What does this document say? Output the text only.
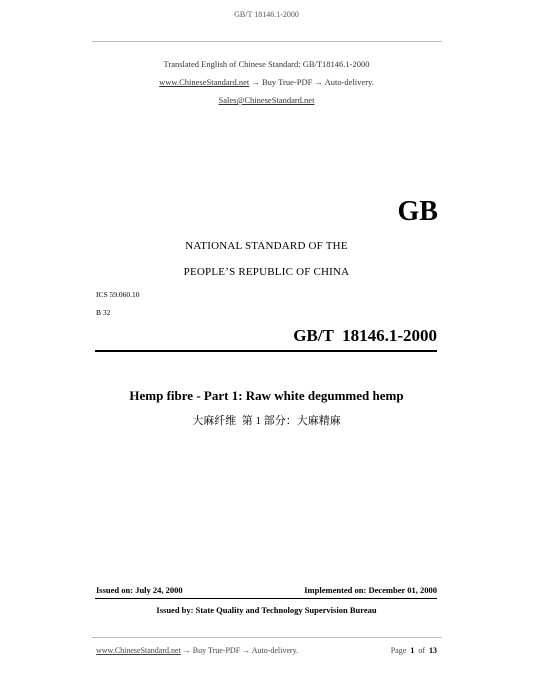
GB/T 18146.1-2000
Translated English of Chinese Standard: GB/T18146.1-2000
www.ChineseStandard.net → Buy True-PDF → Auto-delivery.
Sales@ChineseStandard.net
GB
NATIONAL STANDARD OF THE
PEOPLE’S REPUBLIC OF CHINA
ICS 59.060.10
B 32
GB/T  18146.1-2000
Hemp fibre - Part 1: Raw white degummed hemp
大麻纤维  第 1 部分：大麻精麻
Issued on: July 24, 2000	Implemented on: December 01, 2000
Issued by: State Quality and Technology Supervision Bureau
www.ChineseStandard.net → Buy True-PDF → Auto-delivery.	Page 1 of 13
